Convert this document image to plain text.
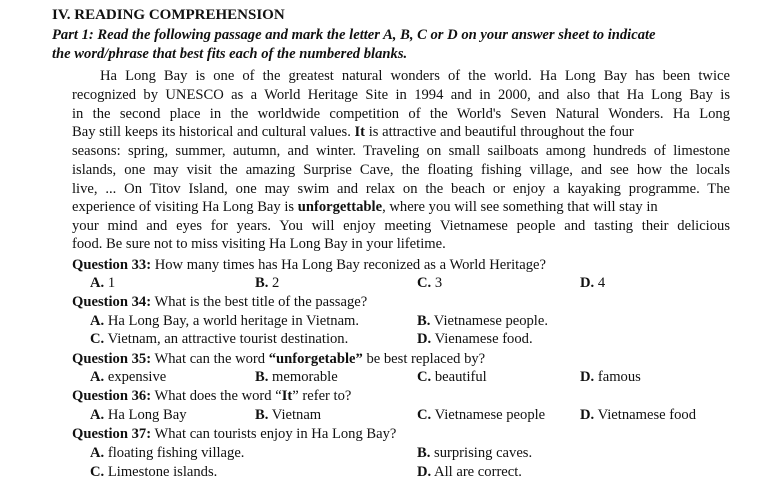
IV. READING COMPREHENSION
Part 1: Read the following passage and mark the letter A, B, C or D on your answer sheet to indicate
the word/phrase that best fits each of the numbered blanks.
Ha Long Bay is one of the greatest natural wonders of the world. Ha Long Bay has been twice
recognized by UNESCO as a World Heritage Site in 1994 and in 2000, and also that Ha Long Bay is
in the second place in the worldwide competition of the World's Seven Natural Wonders. Ha Long
Bay still keeps its historical and cultural values. It is attractive and beautiful throughout the four
seasons: spring, summer, autumn, and winter. Traveling on small sailboats among hundreds of limestone
islands, one may visit the amazing Surprise Cave, the floating fishing village, and see how the locals
live, ... On Titov Island, one may swim and relax on the beach or enjoy a kayaking programme. The
experience of visiting Ha Long Bay is unforgettable, where you will see something that will stay in
your mind and eyes for years. You will enjoy meeting Vietnamese people and tasting their delicious
food. Be sure not to miss visiting Ha Long Bay in your lifetime.
Question 33: How many times has Ha Long Bay reconized as a World Heritage?
A. 1	B. 2	C. 3	D. 4
Question 34: What is the best title of the passage?
A. Ha Long Bay, a world heritage in Vietnam.	B. Vietnamese people.
C. Vietnam, an attractive tourist destination.	D. Vienamese food.
Question 35: What can the word “unforgetable” be best replaced by?
A. expensive	B. memorable	C. beautiful	D. famous
Question 36: What does the word “It” refer to?
A. Ha Long Bay	B. Vietnam	C. Vietnamese people D. Vietnamese food
Question 37: What can tourists enjoy in Ha Long Bay?
A. floating fishing village.	B. surprising caves.
C. Limestone islands.	D. All are correct.
